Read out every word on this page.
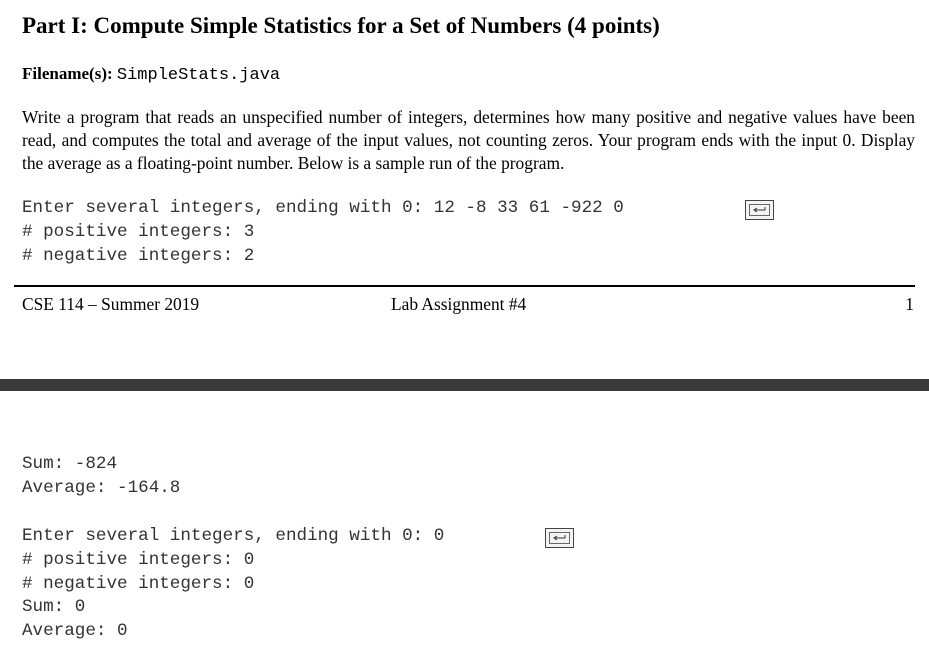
Part I: Compute Simple Statistics for a Set of Numbers (4 points)
Filename(s): SimpleStats.java
Write a program that reads an unspecified number of integers, determines how many positive and negative values have been read, and computes the total and average of the input values, not counting zeros. Your program ends with the input 0. Display the average as a floating-point number. Below is a sample run of the program.
Enter several integers, ending with 0: 12 -8 33 61 -922 0
# positive integers: 3
# negative integers: 2
CSE 114 – Summer 2019	Lab Assignment #4	1
Sum: -824
Average: -164.8
Enter several integers, ending with 0: 0
# positive integers: 0
# negative integers: 0
Sum: 0
Average: 0
